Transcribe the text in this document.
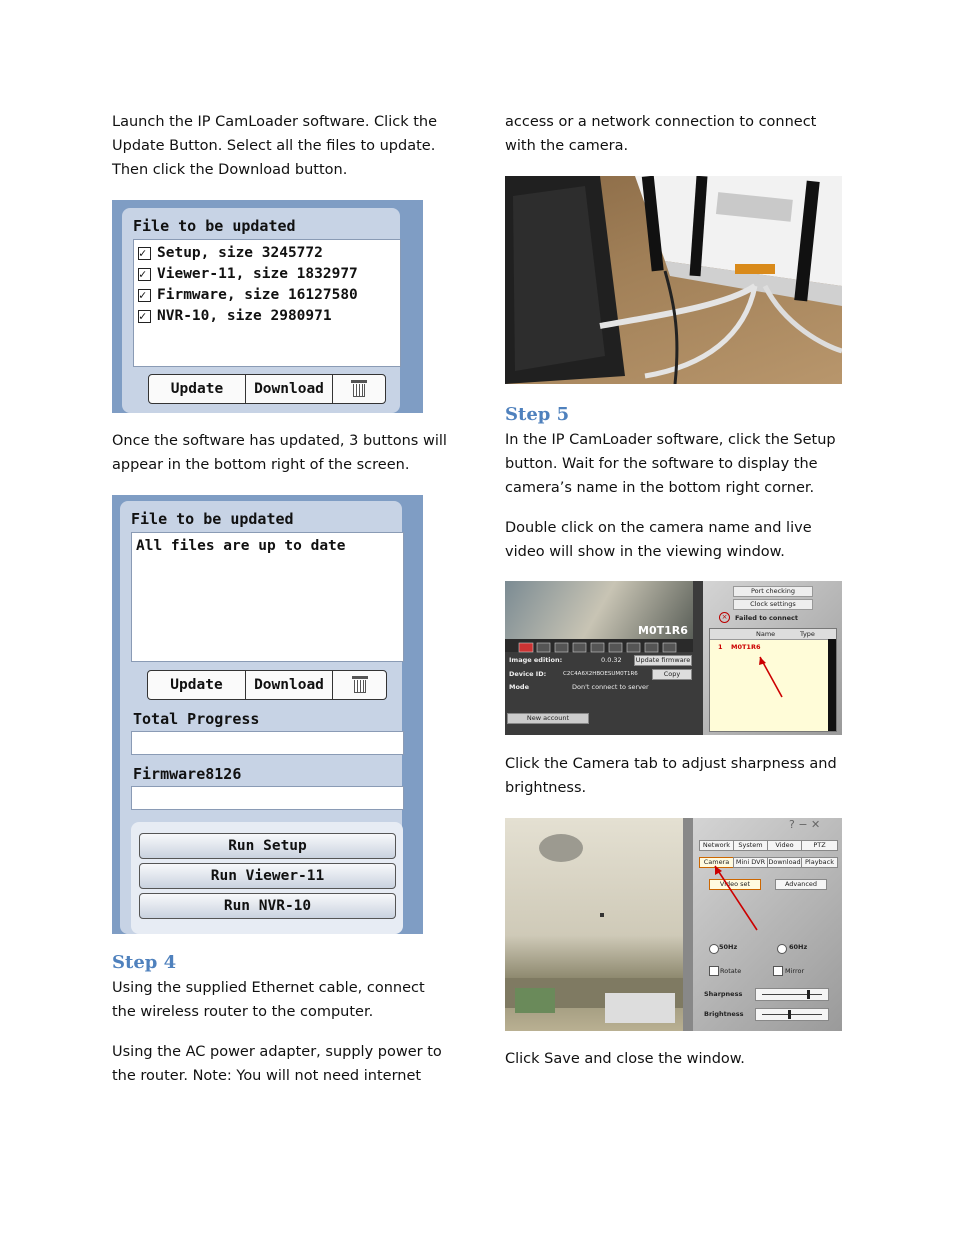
Launch the IP CamLoader software. Click the Update Button. Select all the files to update. Then click the Download button.

File to be updated
✓
Setup, size 3245772
✓
Viewer-11, size 1832977
✓
Firmware, size 16127580
✓
NVR-10, size 2980971
Update	Download

Once the software has updated, 3 buttons will appear in the bottom right of the screen.

File to be updated
All files are up to date
Update	Download
Total Progress
Firmware8126
Run Setup
Run Viewer-11
Run NVR-10
Step 4

Using the supplied Ethernet cable, connect the wireless router to the computer.

Using the AC power adapter, supply power to the router. Note: You will not need internet

access or a network connection to connect with the camera.

Step 5

In the IP CamLoader software, click the Setup button. Wait for the software to display the camera’s name in the bottom right corner.

Double click on the camera name and live video will show in the viewing window.

M0T1R6
Image edition:	0.0.32 Update firmware
Device ID:	C2C4A6X2HBOESUM0T1R6	Copy
Mode	Don't connect to server
New account
Port checking
Clock settings
×	Failed to connect
Name	Type
1 M0T1R6

Click the Camera tab to adjust sharpness and brightness.

? − ✕
Network	System	Video	PTZ
Camera	Mini DVR Download Playback
Video set	Advanced
50Hz	60Hz
Rotate	Mirror
Sharpness
Brightness

Click Save and close the window.
